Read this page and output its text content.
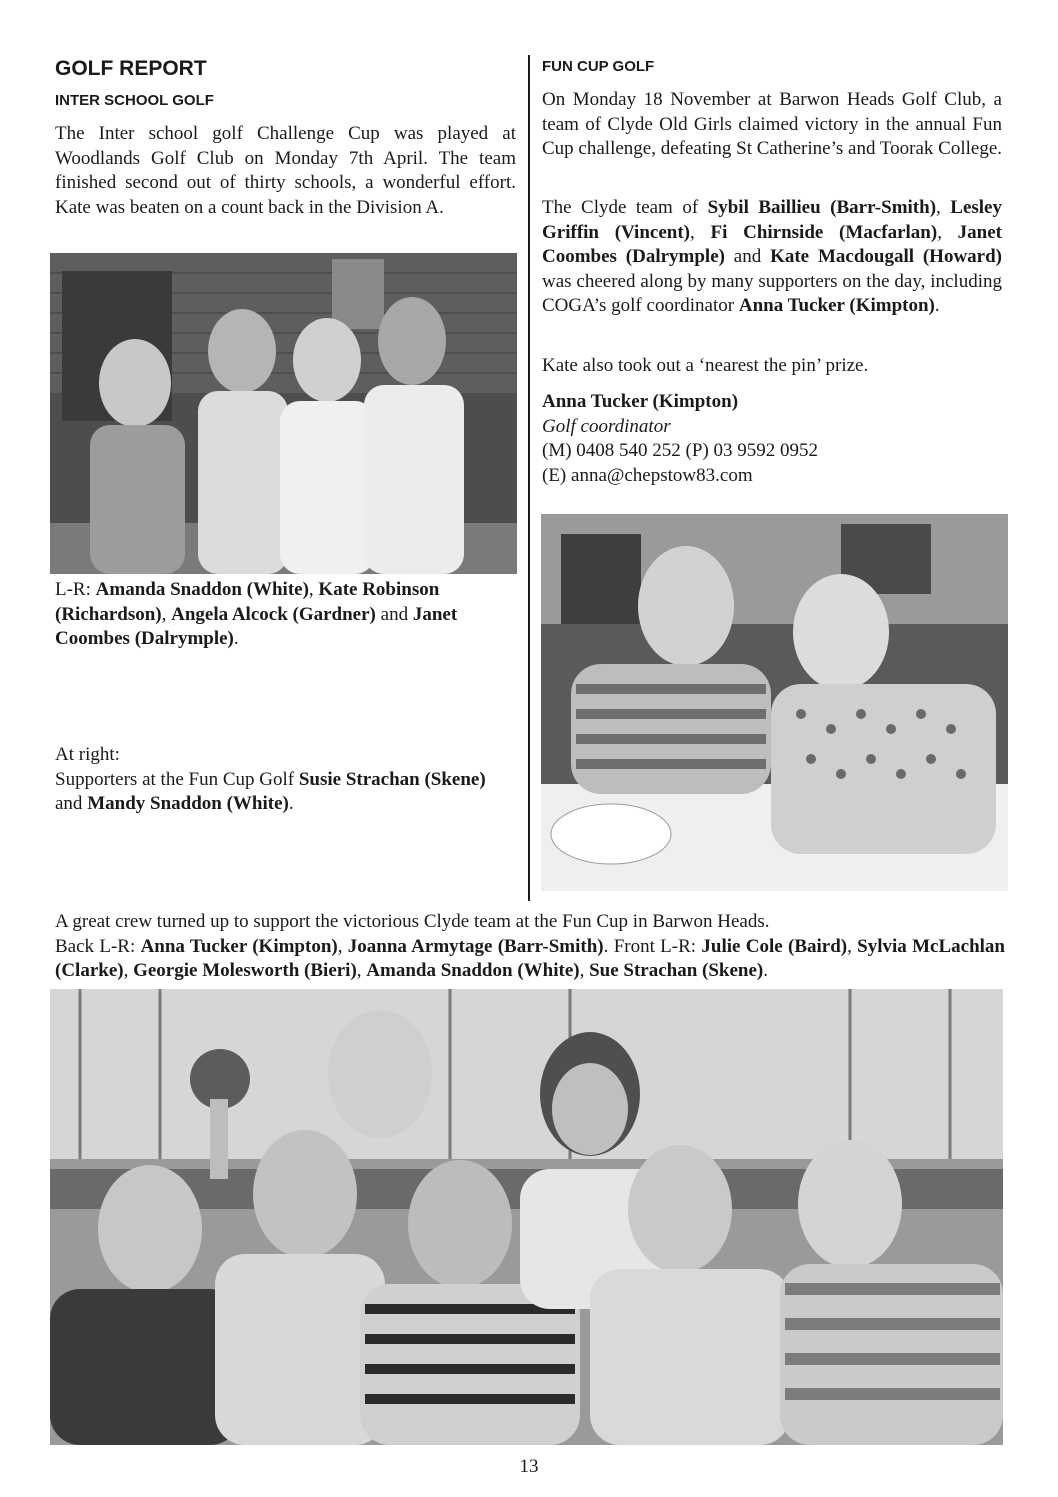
GOLF REPORT
INTER SCHOOL GOLF

The Inter school golf Challenge Cup was played at Woodlands Golf Club on Monday 7th April. The team finished second out of thirty schools, a wonderful effort. Kate was beaten on a count back in the Division A.

L-R: Amanda Snaddon (White), Kate Robinson (Richardson), Angela Alcock (Gardner) and Janet Coombes (Dalrymple).

At right:
Supporters at the Fun Cup Golf Susie Strachan (Skene) and Mandy Snaddon (White).
FUN CUP GOLF

On Monday 18 November at Barwon Heads Golf Club, a team of Clyde Old Girls claimed victory in the annual Fun Cup challenge, defeating St Catherine’s and Toorak College.

The Clyde team of Sybil Baillieu (Barr-Smith), Lesley Griffin (Vincent), Fi Chirnside (Macfarlan), Janet Coombes (Dalrymple) and Kate Macdougall (Howard) was cheered along by many supporters on the day, including COGA’s golf coordinator Anna Tucker (Kimpton).

Kate also took out a ‘nearest the pin’ prize.

Anna Tucker (Kimpton)
Golf coordinator
(M) 0408 540 252 (P) 03 9592 0952
(E) anna@chepstow83.com
A great crew turned up to support the victorious Clyde team at the Fun Cup in Barwon Heads.
Back L-R: Anna Tucker (Kimpton), Joanna Armytage (Barr-Smith). Front L-R: Julie Cole (Baird), Sylvia McLachlan (Clarke), Georgie Molesworth (Bieri), Amanda Snaddon (White), Sue Strachan (Skene).
13
